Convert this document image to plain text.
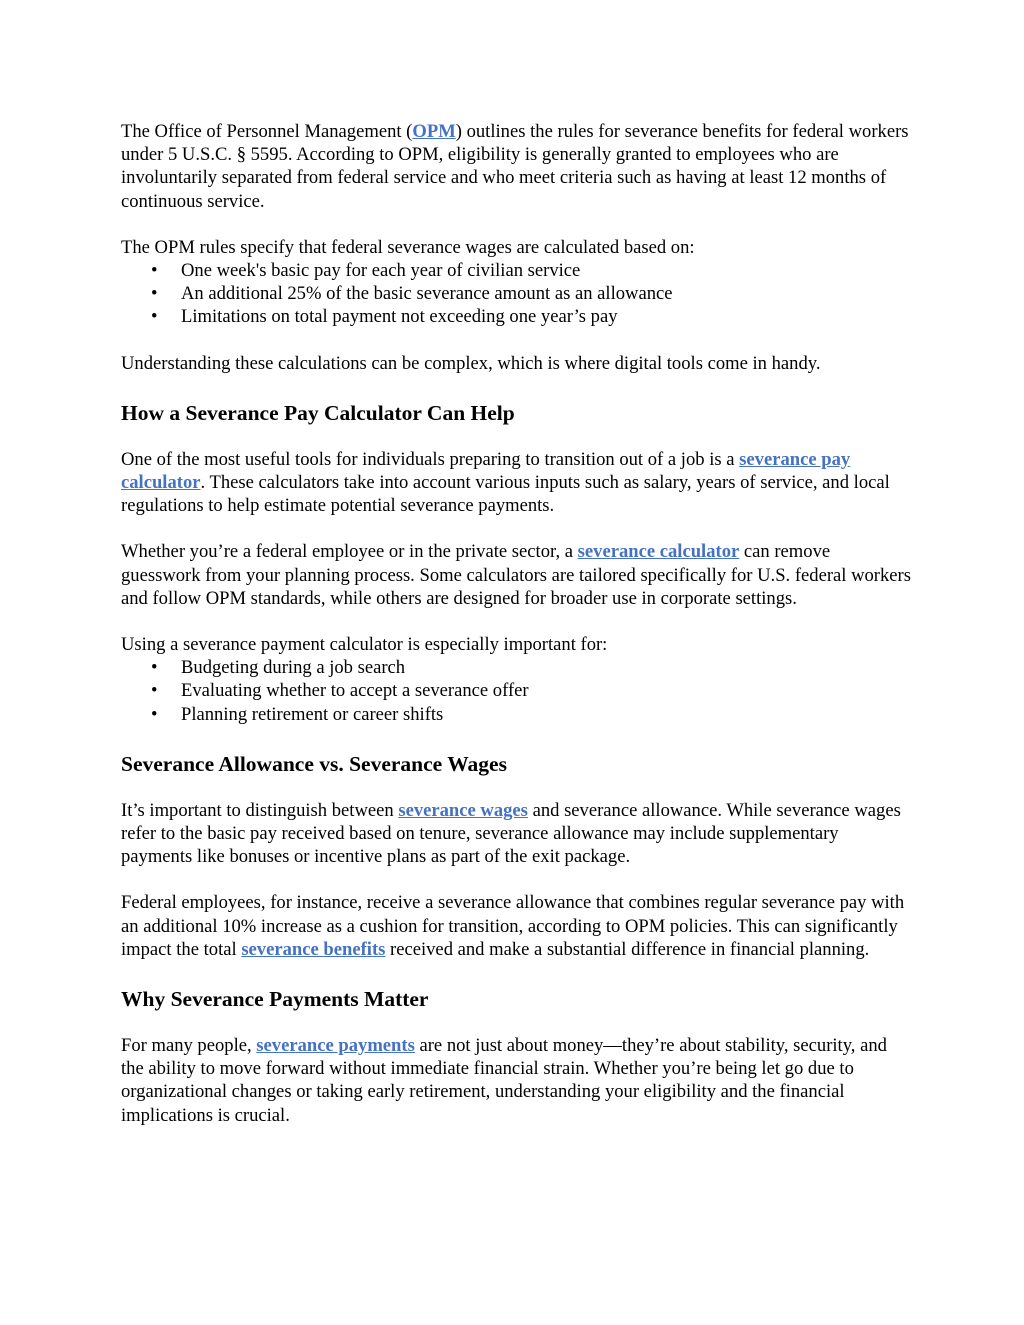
The Office of Personnel Management (OPM) outlines the rules for severance benefits for federal workers under 5 U.S.C. § 5595. According to OPM, eligibility is generally granted to employees who are involuntarily separated from federal service and who meet criteria such as having at least 12 months of continuous service.

The OPM rules specify that federal severance wages are calculated based on:

• One week's basic pay for each year of civilian service
• An additional 25% of the basic severance amount as an allowance
• Limitations on total payment not exceeding one year’s pay

Understanding these calculations can be complex, which is where digital tools come in handy.

How a Severance Pay Calculator Can Help

One of the most useful tools for individuals preparing to transition out of a job is a severance pay calculator. These calculators take into account various inputs such as salary, years of service, and local regulations to help estimate potential severance payments.

Whether you’re a federal employee or in the private sector, a severance calculator can remove guesswork from your planning process. Some calculators are tailored specifically for U.S. federal workers and follow OPM standards, while others are designed for broader use in corporate settings.

Using a severance payment calculator is especially important for:

• Budgeting during a job search
• Evaluating whether to accept a severance offer
• Planning retirement or career shifts
Severance Allowance vs. Severance Wages

It’s important to distinguish between severance wages and severance allowance. While severance wages refer to the basic pay received based on tenure, severance allowance may include supplementary payments like bonuses or incentive plans as part of the exit package.

Federal employees, for instance, receive a severance allowance that combines regular severance pay with an additional 10% increase as a cushion for transition, according to OPM policies. This can significantly impact the total severance benefits received and make a substantial difference in financial planning.

Why Severance Payments Matter

For many people, severance payments are not just about money—they’re about stability, security, and the ability to move forward without immediate financial strain. Whether you’re being let go due to organizational changes or taking early retirement, understanding your eligibility and the financial implications is crucial.
